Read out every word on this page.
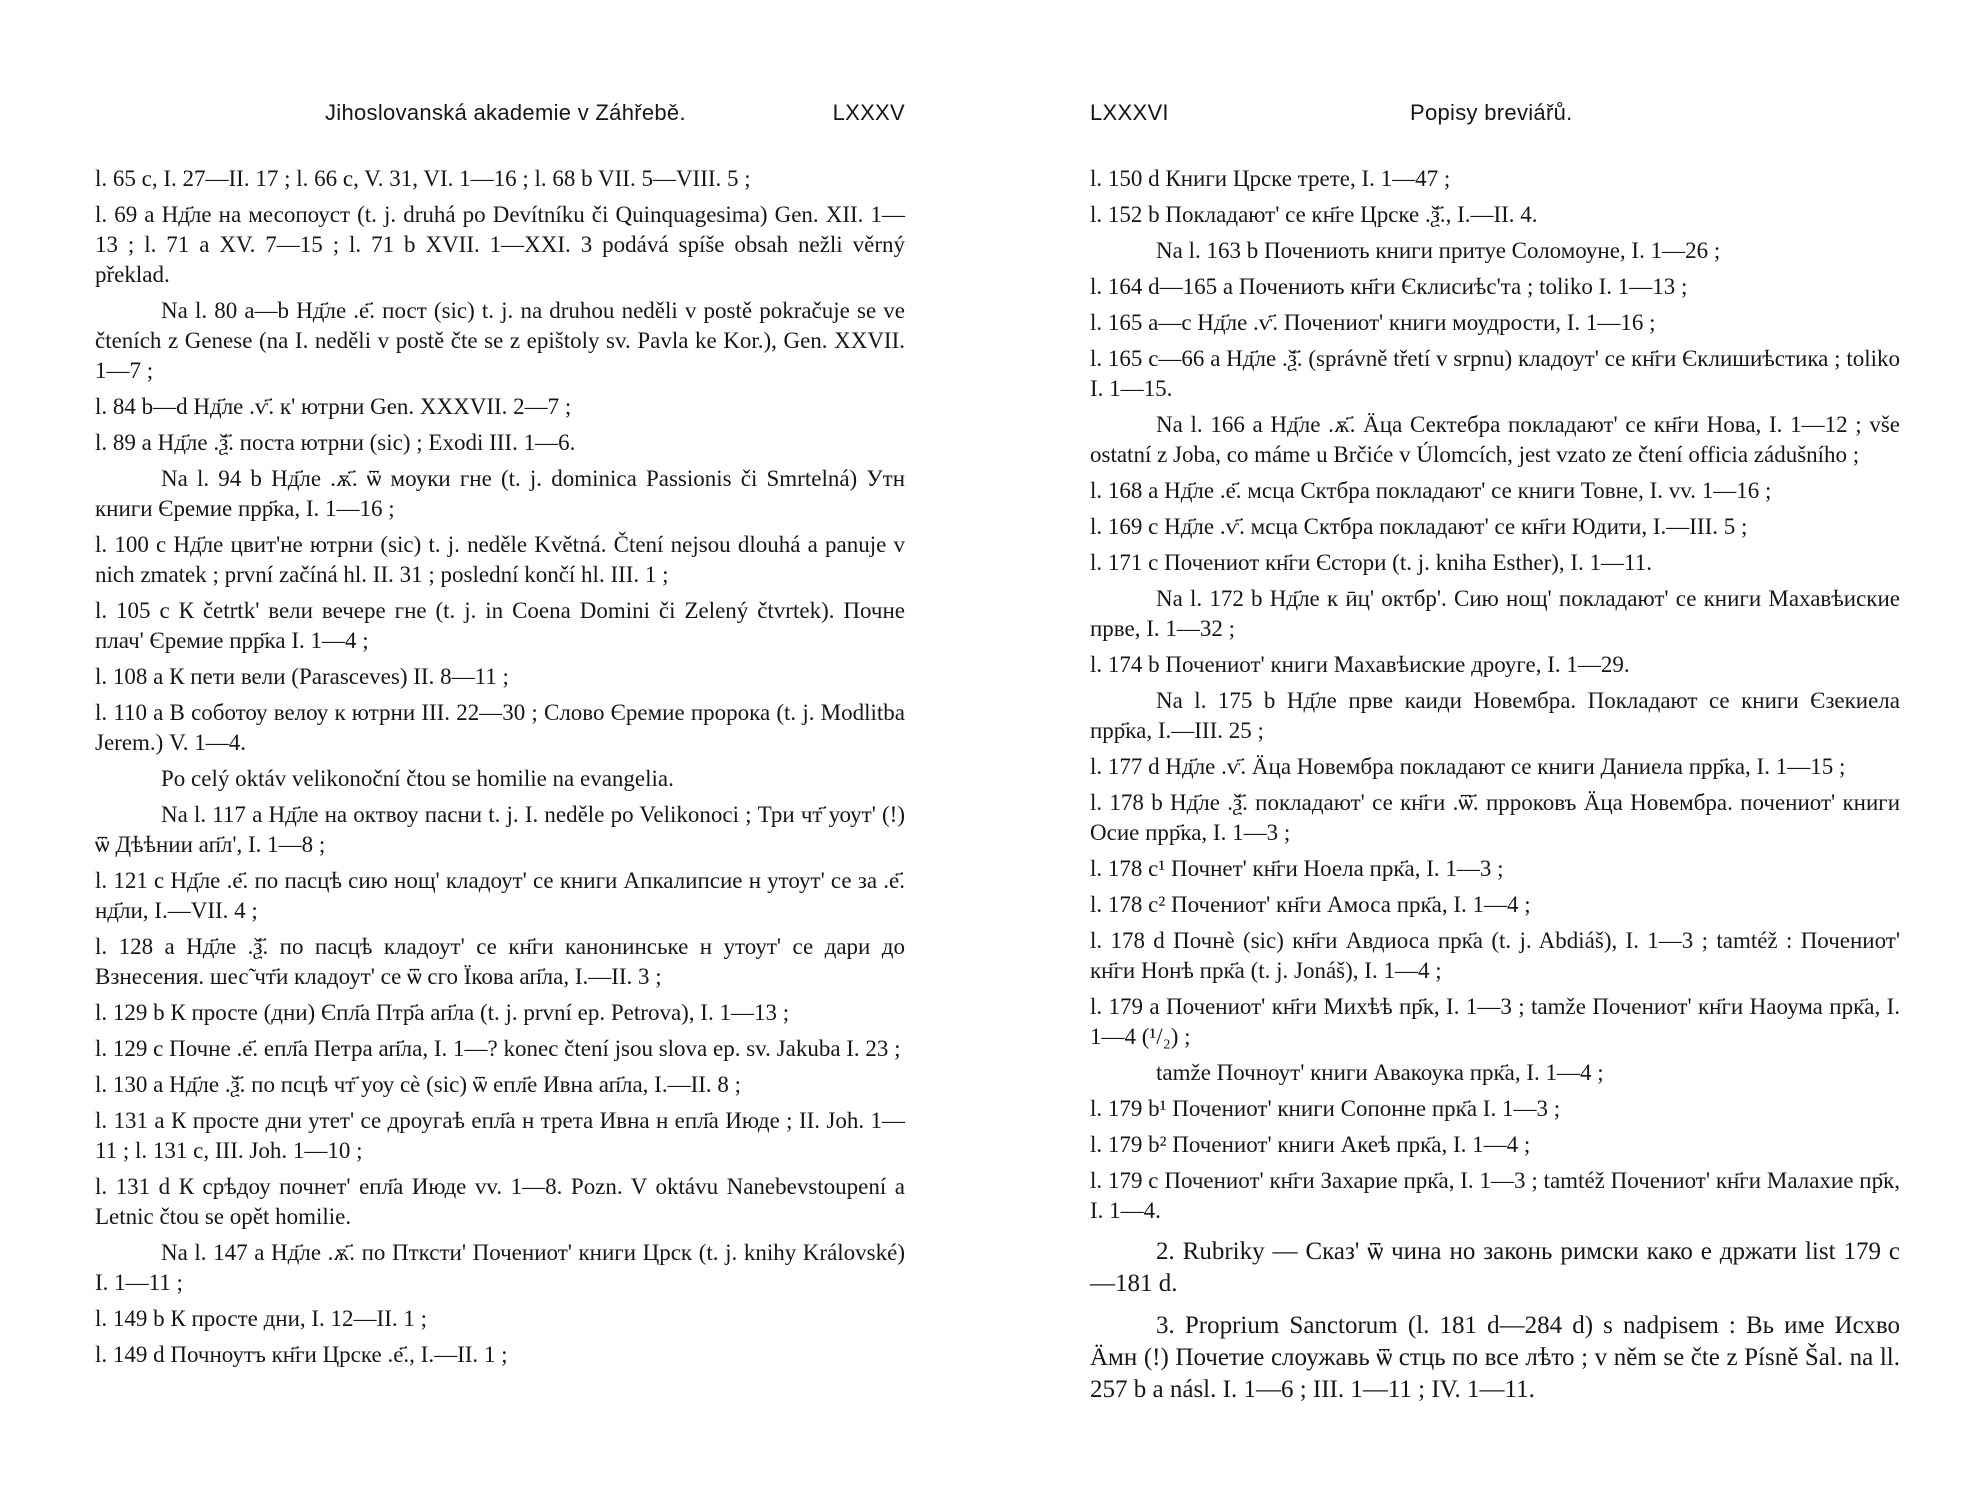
Jihoslovanská akademie v Záhřebě.	LXXXV

l. 65 c, I. 27—II. 17 ; l. 66 c, V. 31, VI. 1—16 ; l. 68 b VII. 5—VIII. 5 ;

l. 69 a Нд҃ле на месопоуст (t. j. druhá po Devítníku či Quinquagesima) Gen. XII. 1—13 ; l. 71 a XV. 7—15 ; l. 71 b XVII. 1—XXI. 3 podává spíše obsah nežli věrný překlad.

Na l. 80 a—b Нд҃ле .е҃. пост (sic) t. j. na druhou neděli v postě pokračuje se ve čteních z Genese (na I. neděli v postě čte se z epištoly sv. Pavla ke Kor.), Gen. XXVII. 1—7 ;

l. 84 b—d Нд҃ле .ѵ҃. к' ютрни Gen. XXXVII. 2—7 ;

l. 89 a Нд҃ле .ѯ҃. поста ютрни (sic) ; Exodi III. 1—6.

Na l. 94 b Нд҃ле .ѫ҃. ѿ моуки гне (t. j. dominica Passionis či Smrtelná) Утн книги Єремие прр҃ка, I. 1—16 ;

l. 100 c Нд҃ле цвит'не ютрни (sic) t. j. neděle Květná. Čtení nejsou dlouhá a panuje v nich zmatek ; první začíná hl. II. 31 ; poslední končí hl. III. 1 ;

l. 105 c К četrtk' вели вечере гне (t. j. in Coena Domini či Zelený čtvrtek). Почне плач' Єремие прр҃ка I. 1—4 ;

l. 108 a К пети вели (Parasceves) II. 8—11 ;

l. 110 a В соботоу велоу к ютрни III. 22—30 ; Слово Єремие пророка (t. j. Modlitba Jerem.) V. 1—4.

Po celý oktáv velikonoční čtou se homilie na evangelia.

Na l. 117 a Нд҃ле на октвоу пасни t. j. I. neděle po Velikonoci ; Три чт҃ уоут' (!) ѿ Дѣѣнии ап҃л', I. 1—8 ;

l. 121 c Нд҃ле .е҃. по пасцѣ сию нощ' кладоут' се книги Апкалипсие н утоут' се за .е҃. нд҃ли, I.—VII. 4 ;

l. 128 a Нд҃ле .ѯ҃. по пасцѣ кладоут' се кн҃ги канонинське н утоут' се дари до Взнесения. шес̃ чт҃и кладоут' се ѿ сго Їкова ап҃ла, I.—II. 3 ;

l. 129 b К просте (дни) Єпл҃а Птр҃а ап҃ла (t. j. první ep. Petrova), I. 1—13 ;

l. 129 c Почне .е҃. епл҃а Петра ап҃ла, I. 1—? konec čtení jsou slova ep. sv. Jakuba I. 23 ;

l. 130 a Нд҃ле .ѯ҃. по псцѣ чт҃ уоу сѐ (sic) ѿ епл҃е Ивна ап҃ла, I.—II. 8 ;

l. 131 a К просте дни утет' се дроугаѣ епл҃а н трета Ивна н епл҃а Июде ; II. Joh. 1—11 ; l. 131 c, III. Joh. 1—10 ;

l. 131 d К срѣдоу почнет' епл҃а Июде vv. 1—8. Pozn. V oktávu Nanebevstoupení a Letnic čtou se opět homilie.

Na l. 147 a Нд҃ле .ѫ҃. по Птксти' Почениот' книги Црск (t. j. knihy Královské) I. 1—11 ;

l. 149 b К просте дни, I. 12—II. 1 ;

l. 149 d Почноутъ кн҃ги Црске .е҃., I.—II. 1 ;

LXXXVI	Popisy breviářů.

l. 150 d Книги Црске трете, I. 1—47 ;

l. 152 b Покладают' се кн҃ге Црске .ѯ҃., I.—II. 4.

Na l. 163 b Почениоть книги притуе Соломоуне, I. 1—26 ;

l. 164 d—165 a Почениоть кн҃ги Єклисиѣс'та ; toliko I. 1—13 ;

l. 165 a—c Нд҃ле .ѵ҃. Почениот' книги моудрости, I. 1—16 ;

l. 165 c—66 a Нд҃ле .ѯ҃. (správně třetí v srpnu) кладоут' се кн҃ги Єклишиѣстика ; toliko I. 1—15.

Na l. 166 a Нд҃ле .ѫ҃. Ӓца Сектебра покладают' се кн҃ги Нова, I. 1—12 ; vše ostatní z Joba, co máme u Brčiće v Úlomcích, jest vzato ze čtení officia zádušního ;

l. 168 a Нд҃ле .е҃. мсца Сктбра покладают' се книги Товне, I. vv. 1—16 ;

l. 169 c Нд҃ле .ѵ҃. мсца Сктбра покладают' се кн҃ги Юдити, I.—III. 5 ;

l. 171 c Почениот кн҃ги Єстори (t. j. kniha Esther), I. 1—11.

Na l. 172 b Нд҃ле к ӣц' октбр'. Сию нощ' покладают' се книги Махавѣиские прве, I. 1—32 ;

l. 174 b Почениот' книги Махавѣиские дроуге, I. 1—29.

Na l. 175 b Нд҃ле прве каиди Новембра. Покладают се книги Єзекиела прр҃ка, I.—III. 25 ;

l. 177 d Нд҃ле .ѵ҃. Ӓца Новембра покладают се книги Даниела прр҃ка, I. 1—15 ;

l. 178 b Нд҃ле .ѯ҃. покладают' се кн҃ги .ѿ҃. прроковъ Ӓца Новембра. почениот' книги Осие прр҃ка, I. 1—3 ;

l. 178 c¹ Почнет' кн҃ги Ноела прк҃а, I. 1—3 ;

l. 178 c² Почениот' кн҃ги Амоса прк҃а, I. 1—4 ;

l. 178 d Почнѐ (sic) кн҃ги Авдиоса прк҃а (t. j. Abdiáš), I. 1—3 ; tamtéž : Почениот' кн҃ги Нонѣ прк҃а (t. j. Jonáš), I. 1—4 ;

l. 179 a Почениот' кн҃ги Михѣѣ пр҃к, I. 1—3 ; tamže Почениот' кн҃ги Наоума прк҃а, I. 1—4 (¹/₂) ;

tamže Почноут' книги Авакоука прк҃а, I. 1—4 ;

l. 179 b¹ Почениот' книги Сопонне прк҃а I. 1—3 ;

l. 179 b² Почениот' книги Акеѣ прк҃а, I. 1—4 ;

l. 179 c Почениот' кн҃ги Захарие прк҃а, I. 1—3 ; tamtéž Почениот' кн҃ги Малахие пр҃к, I. 1—4.

2. Rubriky — Сказ' ѿ чина но законь римски како е држати list 179 c—181 d.

3. Proprium Sanctorum (l. 181 d—284 d) s nadpisem : Вь име Исхво Ӓмн (!) Почетие слоужавь ѿ стць по все лѣто ; v něm se čte z Písně Šal. na ll. 257 b a násl. I. 1—6 ; III. 1—11 ; IV. 1—11.
